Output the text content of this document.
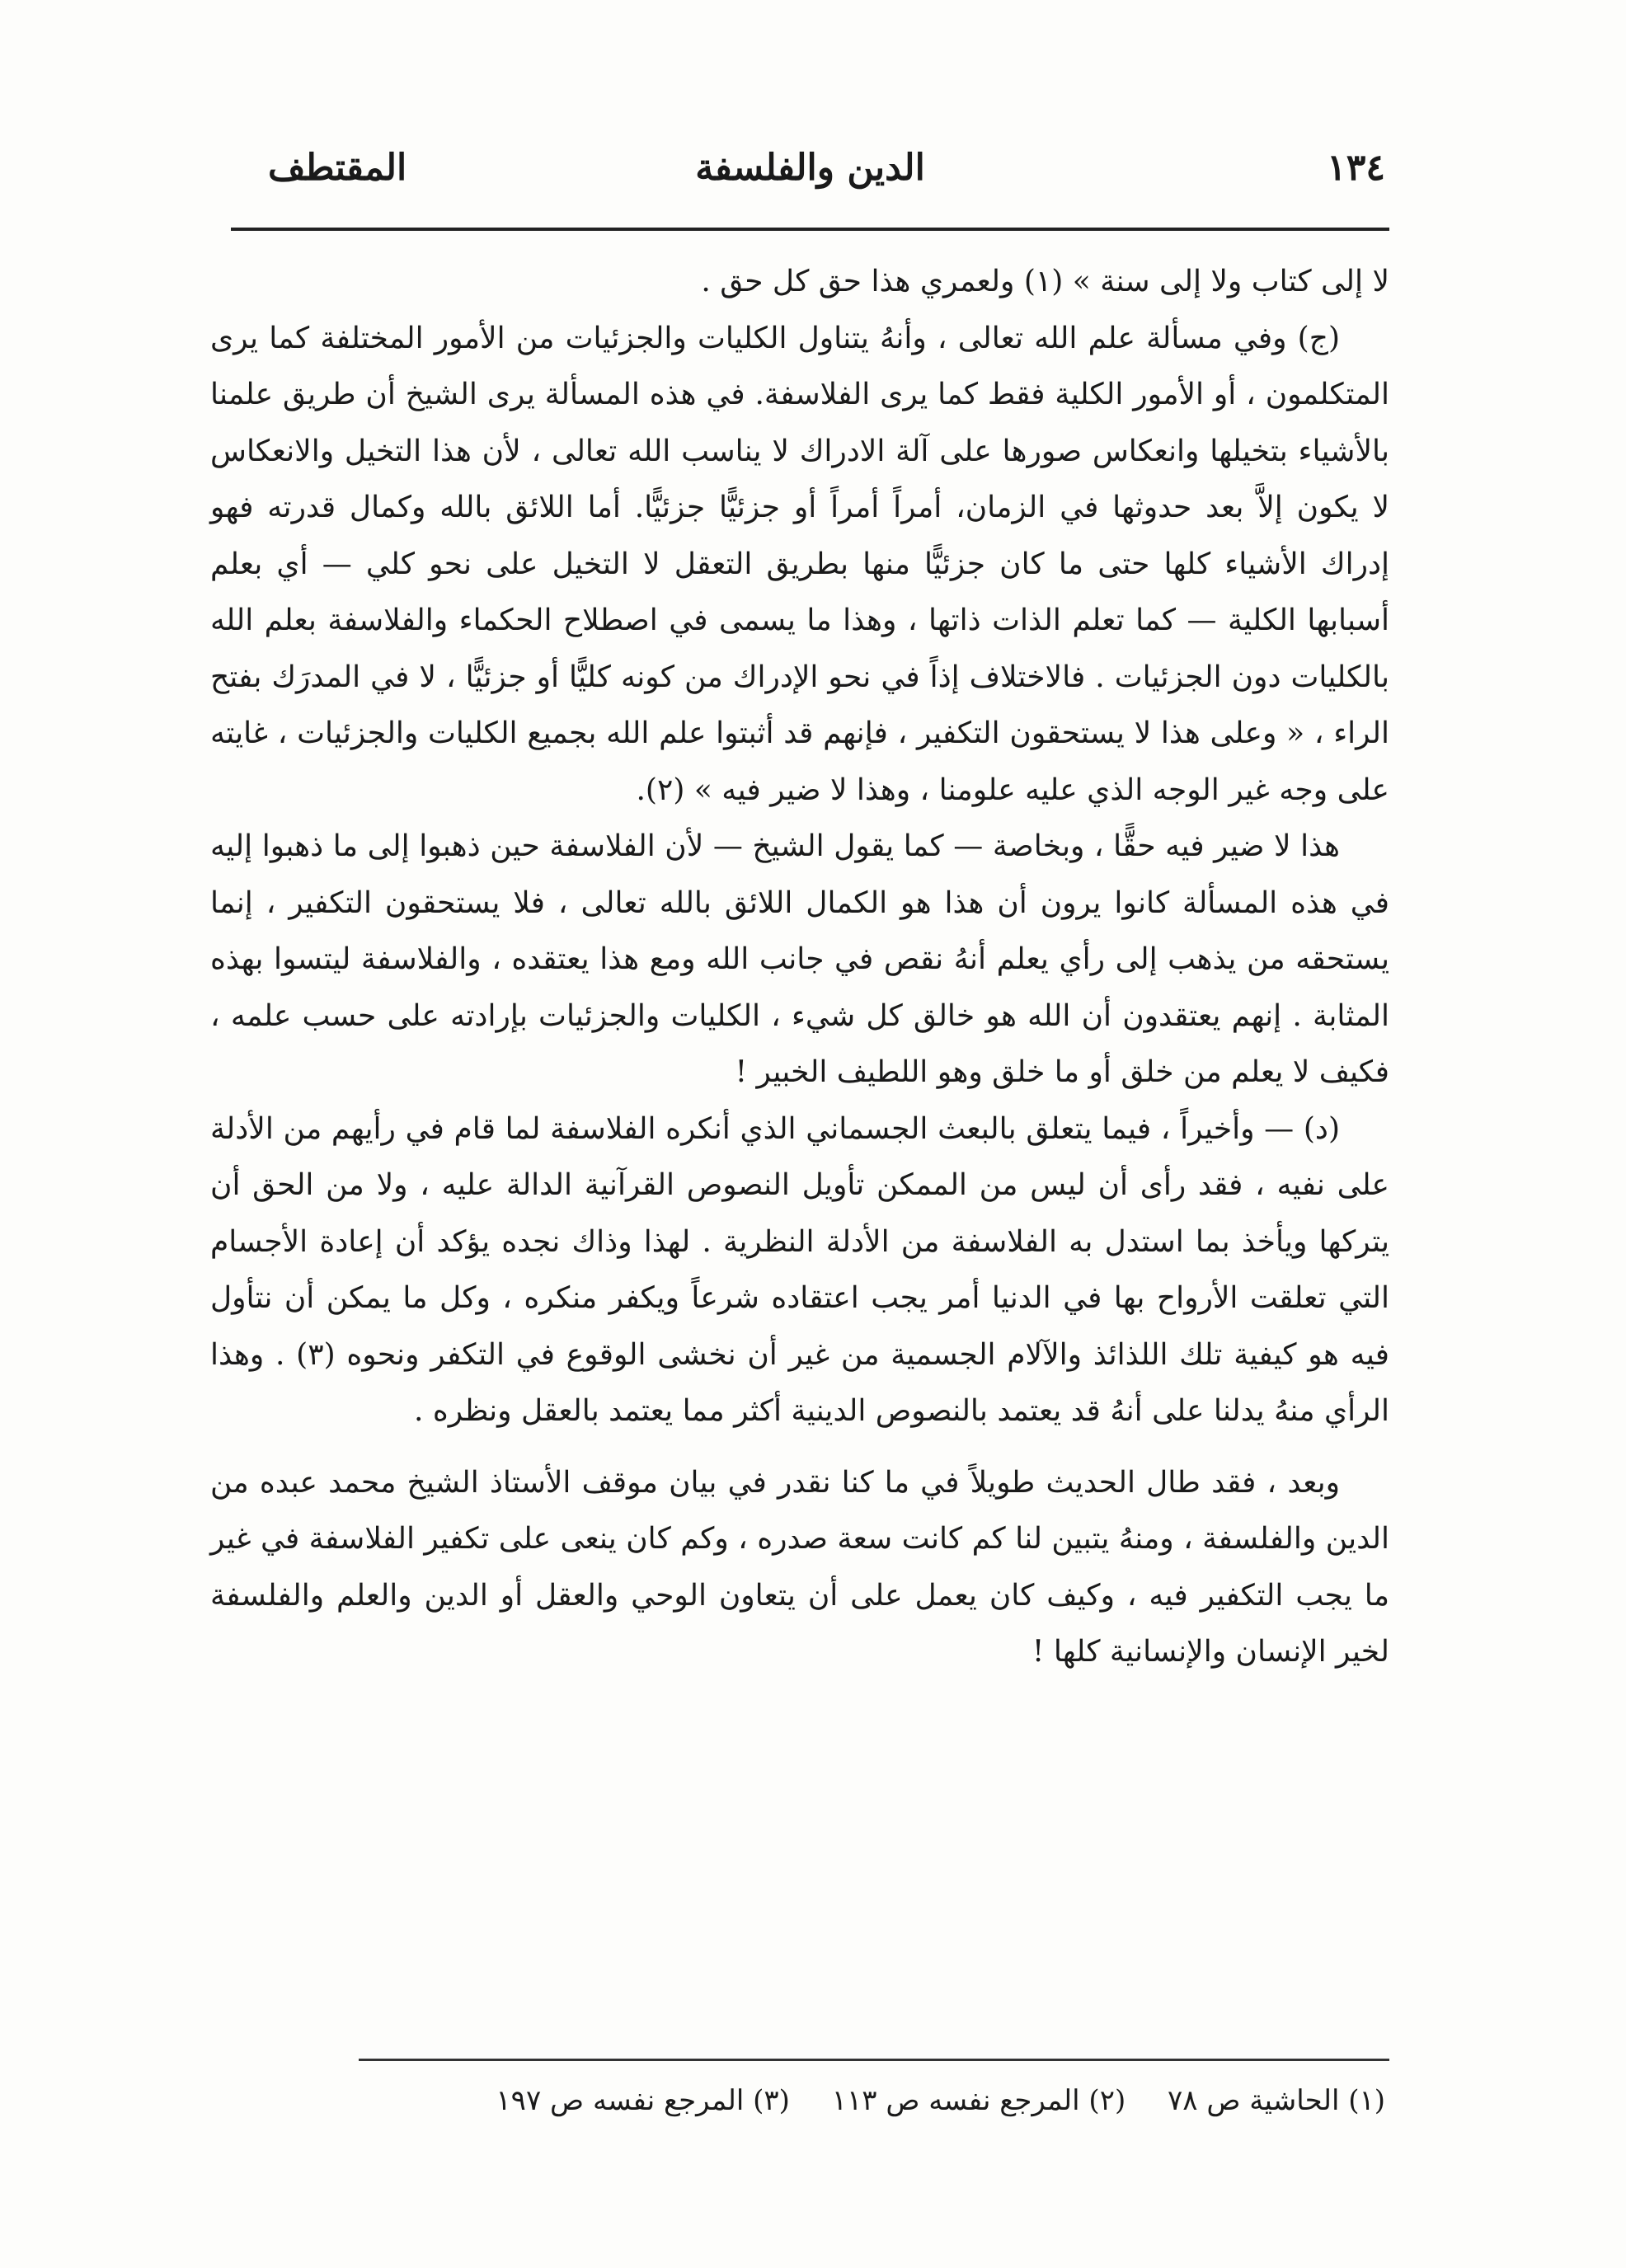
١٣٤
الدين والفلسفة
المقتطف

لا إلى كتاب ولا إلى سنة » (١) ولعمري هذا حق كل حق .

(ج) وفي مسألة علم الله تعالى ، وأنهُ يتناول الكليات والجزئيات من الأمور المختلفة كما يرى المتكلمون ، أو الأمور الكلية فقط كما يرى الفلاسفة. في هذه المسألة يرى الشيخ أن طريق علمنا بالأشياء بتخيلها وانعكاس صورها على آلة الادراك لا يناسب الله تعالى ، لأن هذا التخيل والانعكاس لا يكون إلاَّ بعد حدوثها في الزمان، أمراً أمراً أو جزئيًّا جزئيًّا. أما اللائق بالله وكمال قدرته فهو إدراك الأشياء كلها حتى ما كان جزئيًّا منها بطريق التعقل لا التخيل على نحو كلي — أي بعلم أسبابها الكلية — كما تعلم الذات ذاتها ، وهذا ما يسمى في اصطلاح الحكماء والفلاسفة بعلم الله بالكليات دون الجزئيات . فالاختلاف إذاً في نحو الإدراك من كونه كليًّا أو جزئيًّا ، لا في المدرَك بفتح الراء ، « وعلى هذا لا يستحقون التكفير ، فإنهم قد أثبتوا علم الله بجميع الكليات والجزئيات ، غايته على وجه غير الوجه الذي عليه علومنا ، وهذا لا ضير فيه » (٢).

هذا لا ضير فيه حقًّا ، وبخاصة — كما يقول الشيخ — لأن الفلاسفة حين ذهبوا إلى ما ذهبوا إليه في هذه المسألة كانوا يرون أن هذا هو الكمال اللائق بالله تعالى ، فلا يستحقون التكفير ، إنما يستحقه من يذهب إلى رأي يعلم أنهُ نقص في جانب الله ومع هذا يعتقده ، والفلاسفة ليتسوا بهذه المثابة . إنهم يعتقدون أن الله هو خالق كل شيء ، الكليات والجزئيات بإرادته على حسب علمه ، فكيف لا يعلم من خلق أو ما خلق وهو اللطيف الخبير !

(د) — وأخيراً ، فيما يتعلق بالبعث الجسماني الذي أنكره الفلاسفة لما قام في رأيهم من الأدلة على نفيه ، فقد رأى أن ليس من الممكن تأويل النصوص القرآنية الدالة عليه ، ولا من الحق أن يتركها ويأخذ بما استدل به الفلاسفة من الأدلة النظرية . لهذا وذاك نجده يؤكد أن إعادة الأجسام التي تعلقت الأرواح بها في الدنيا أمر يجب اعتقاده شرعاً ويكفر منكره ، وكل ما يمكن أن نتأول فيه هو كيفية تلك اللذائذ والآلام الجسمية من غير أن نخشى الوقوع في التكفر ونحوه (٣) . وهذا الرأي منهُ يدلنا على أنهُ قد يعتمد بالنصوص الدينية أكثر مما يعتمد بالعقل ونظره .

وبعد ، فقد طال الحديث طويلاً في ما كنا نقدر في بيان موقف الأستاذ الشيخ محمد عبده من الدين والفلسفة ، ومنهُ يتبين لنا كم كانت سعة صدره ، وكم كان ينعى على تكفير الفلاسفة في غير ما يجب التكفير فيه ، وكيف كان يعمل على أن يتعاون الوحي والعقل أو الدين والعلم والفلسفة لخير الإنسان والإنسانية كلها !

(١) الحاشية ص ٧٨ (٢) المرجع نفسه ص ١١٣ (٣) المرجع نفسه ص ١٩٧
